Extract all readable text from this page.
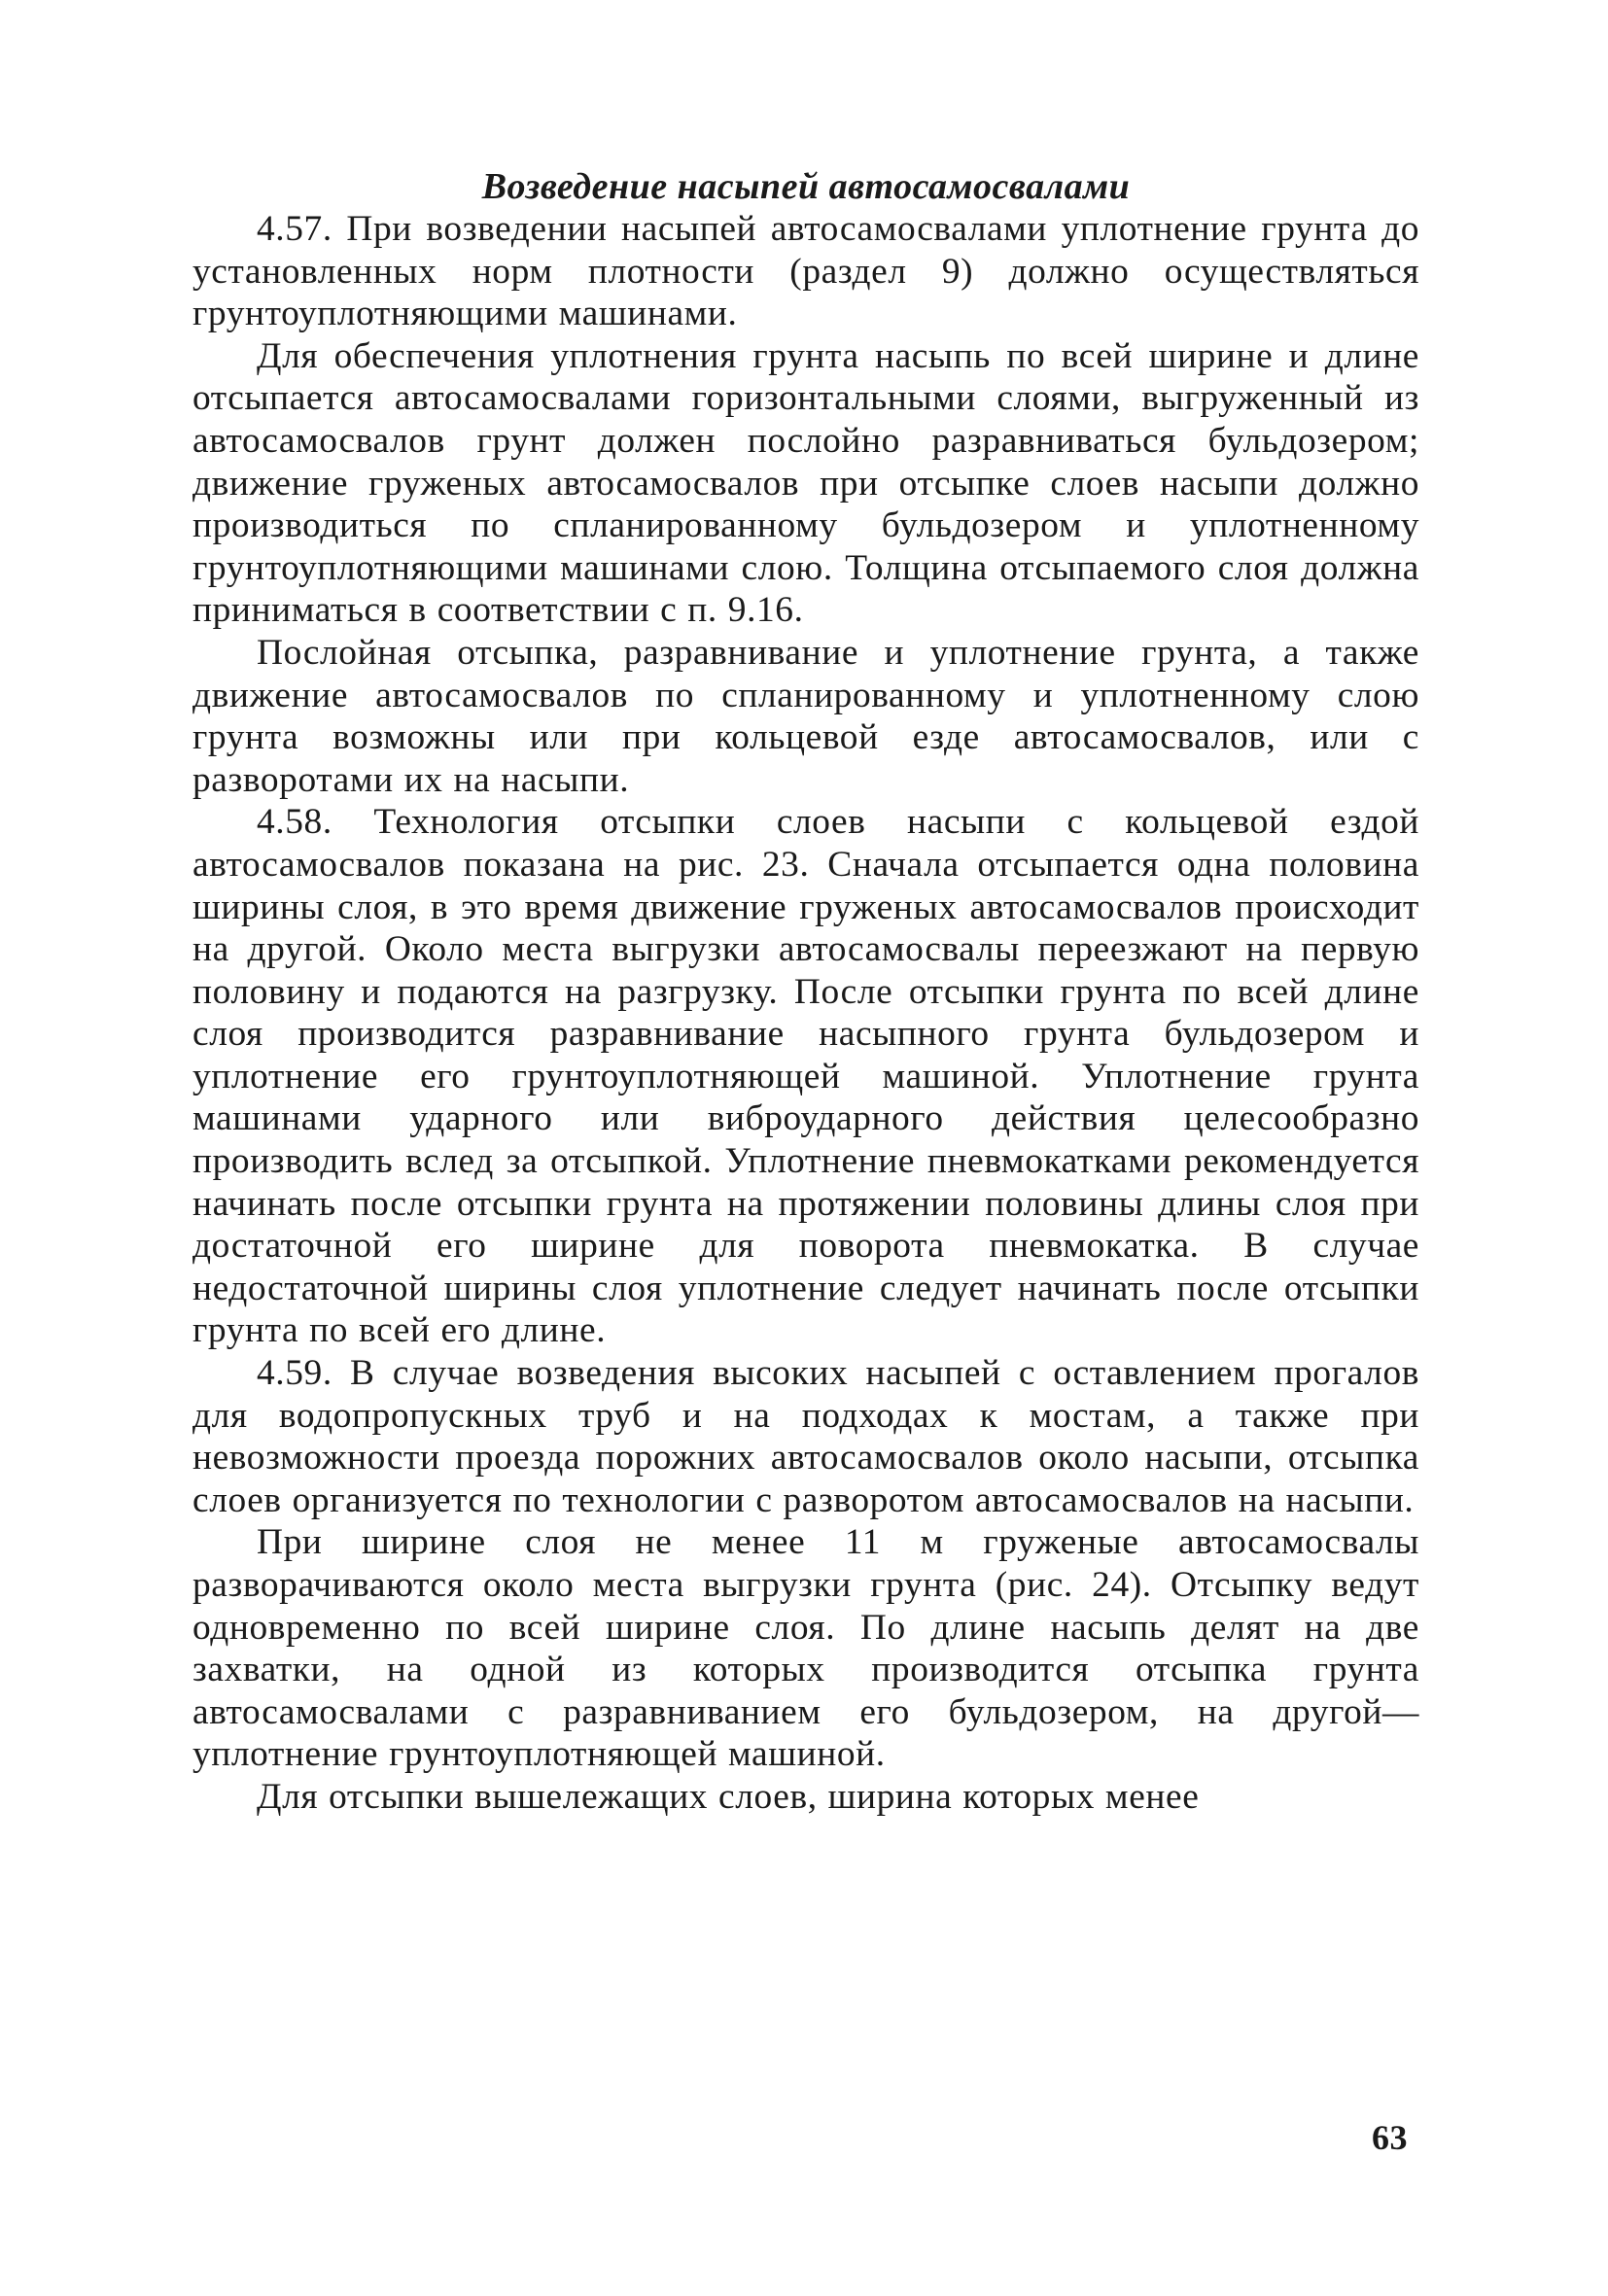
Возведение насыпей автосамосвалами

4.57. При возведении насыпей автосамосвалами уплотнение грунта до установленных норм плотности (раздел 9) должно осуществляться грунтоуплотняющими машинами.

Для обеспечения уплотнения грунта насыпь по всей ширине и длине отсыпается автосамосвалами горизонтальными слоями, выгруженный из автосамосвалов грунт должен послойно разравниваться бульдозером; движение груженых автосамосвалов при отсыпке слоев насыпи должно производиться по спланированному бульдозером и уплотненному грунтоуплотняющими машинами слою. Толщина отсыпаемого слоя должна приниматься в соответствии с п. 9.16.

Послойная отсыпка, разравнивание и уплотнение грунта, а также движение автосамосвалов по спланированному и уплотненному слою грунта возможны или при кольцевой езде автосамосвалов, или с разворотами их на насыпи.

4.58. Технология отсыпки слоев насыпи с кольцевой ездой автосамосвалов показана на рис. 23. Сначала отсыпается одна половина ширины слоя, в это время движение груженых автосамосвалов происходит на другой. Около места выгрузки автосамосвалы переезжают на первую половину и подаются на разгрузку. После отсыпки грунта по всей длине слоя производится разравнивание насыпного грунта бульдозером и уплотнение его грунтоуплотняющей машиной. Уплотнение грунта машинами ударного или виброударного действия целесообразно производить вслед за отсыпкой. Уплотнение пневмокатками рекомендуется начинать после отсыпки грунта на протяжении половины длины слоя при достаточной его ширине для поворота пневмокатка. В случае недостаточной ширины слоя уплотнение следует начинать после отсыпки грунта по всей его длине.

4.59. В случае возведения высоких насыпей с оставлением прогалов для водопропускных труб и на подходах к мостам, а также при невозможности проезда порожних автосамосвалов около насыпи, отсыпка слоев организуется по технологии с разворотом автосамосвалов на насыпи.

При ширине слоя не менее 11 м груженые автосамосвалы разворачиваются около места выгрузки грунта (рис. 24). Отсыпку ведут одновременно по всей ширине слоя. По длине насыпь делят на две захватки, на одной из которых производится отсыпка грунта автосамосвалами с разравниванием его бульдозером, на другой—уплотнение грунтоуплотняющей машиной.

Для отсыпки вышележащих слоев, ширина которых менее

63
